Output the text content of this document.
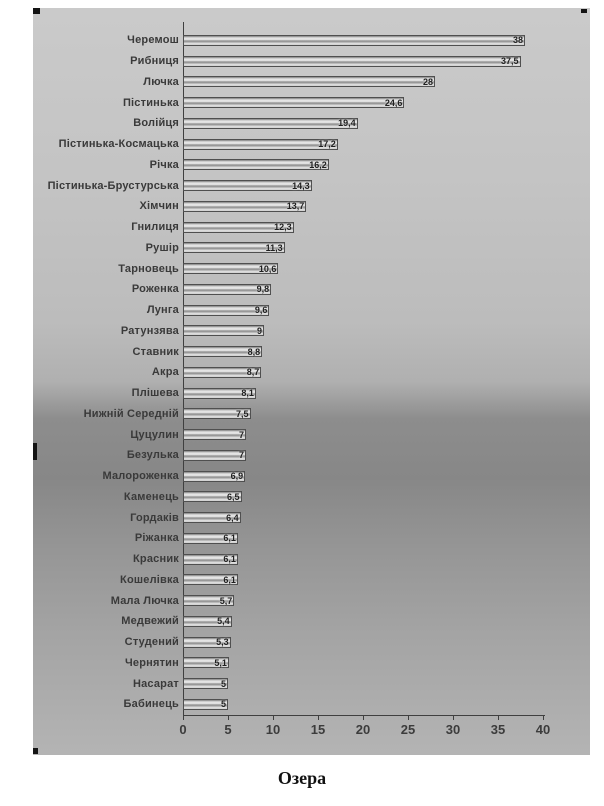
Черемош	38
Рибниця	37,5
Лючка	28
Пістинька	24,6
Волійця	19,4
Пістинька-Космацька	17,2
Річка	16,2
Пістинька-Брустурська	14,3
Хімчин	13,7
Гнилиця	12,3
Рушір	11,3
Тарновець	10,6
Роженка	9,8
Лунга	9,6
Ратунзява	9
Ставник	8,8
Акра	8,7
Плішева	8,1
Нижній Середній	7,5
Цуцулин	7
Безулька	7
Малороженка	6,9
Каменець	6,5
Гордаків	6,4
Ріжанка	6,1
Красник	6,1
Кошелівка	6,1
Мала Лючка	5,7
Медвежий	5,4
Студений	5,3
Чернятин	5,1
Насарат	5
Бабинець	5
0	5	10	15	20	25	30	35	40
Озера
